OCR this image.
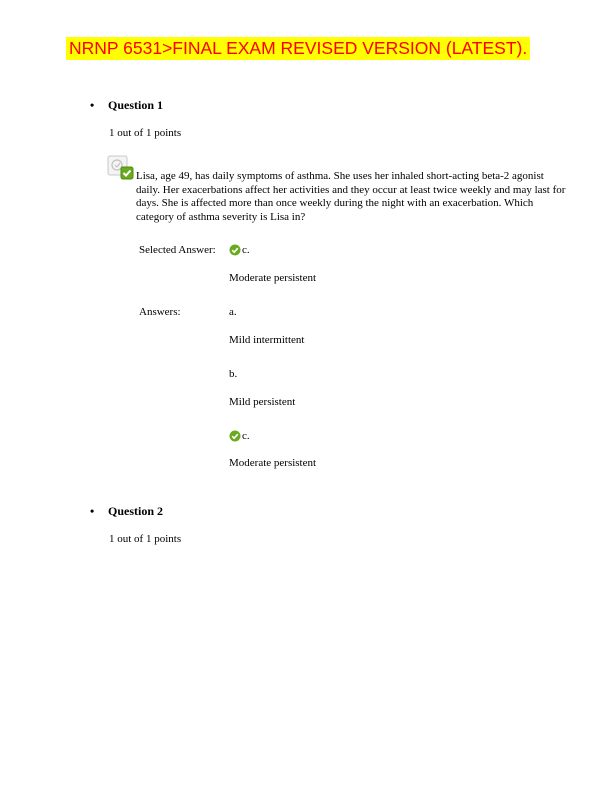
NRNP 6531>FINAL EXAM REVISED VERSION (LATEST).
• Question 1
1 out of 1 points
Lisa, age 49, has daily symptoms of asthma. She uses her inhaled short-acting beta-2 agonist daily. Her exacerbations affect her activities and they occur at least twice weekly and may last for days. She is affected more than once weekly during the night with an exacerbation. Which category of asthma severity is Lisa in?
Selected Answer: c.
Moderate persistent
Answers:	a.
Mild intermittent
b.
Mild persistent
c.
Moderate persistent
• Question 2
1 out of 1 points
